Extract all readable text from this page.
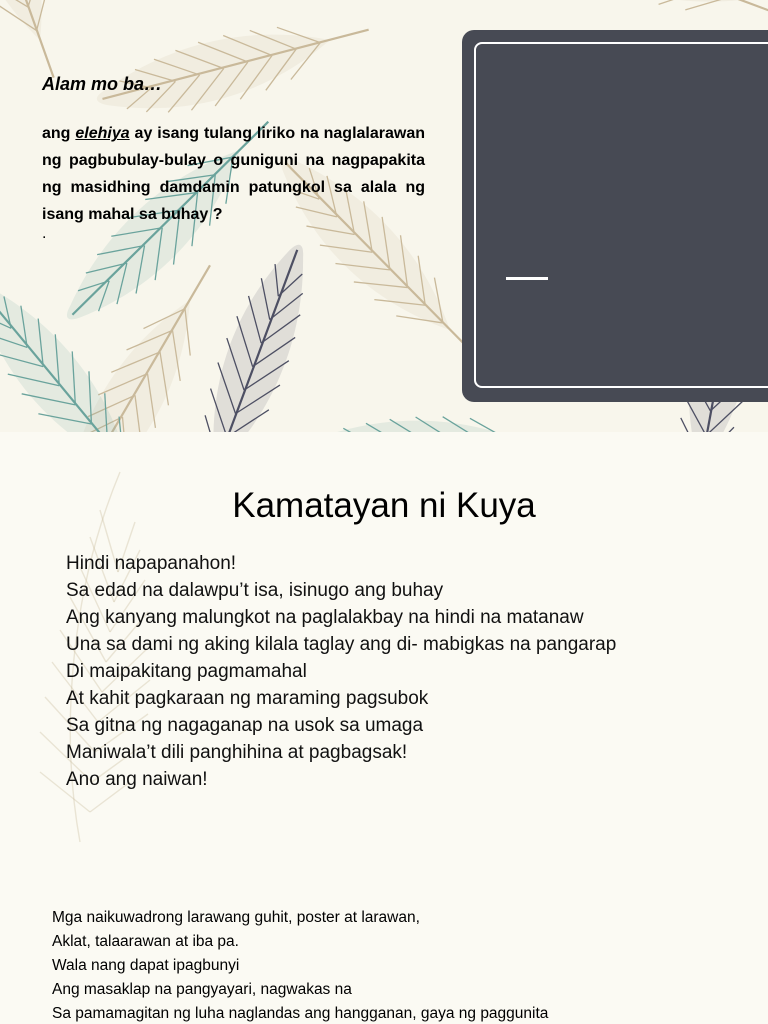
Alam mo ba…
ang elehiya ay isang tulang liriko na naglalarawan ng pagbubulay-bulay o guniguni na nagpapakita ng masidhing damdamin patungkol sa alala ng isang mahal sa buhay ?
.
Kamatayan ni Kuya
Hindi napapanahon!
Sa edad na dalawpu’t isa, isinugo ang buhay
Ang kanyang malungkot na paglalakbay na hindi na matanaw
Una sa dami ng aking kilala taglay ang di- mabigkas na pangarap
Di maipakitang pagmamahal
At kahit pagkaraan ng maraming pagsubok
Sa gitna ng nagaganap na usok sa umaga
Maniwala’t dili panghihina at pagbagsak!
Ano ang naiwan!
Mga naikuwadrong larawang guhit, poster at larawan,
Aklat, talaarawan at iba pa.
Wala nang dapat ipagbunyi
Ang masaklap na pangyayari, nagwakas na
Sa pamamagitan ng luha naglandas ang hangganan, gaya ng paggunita
